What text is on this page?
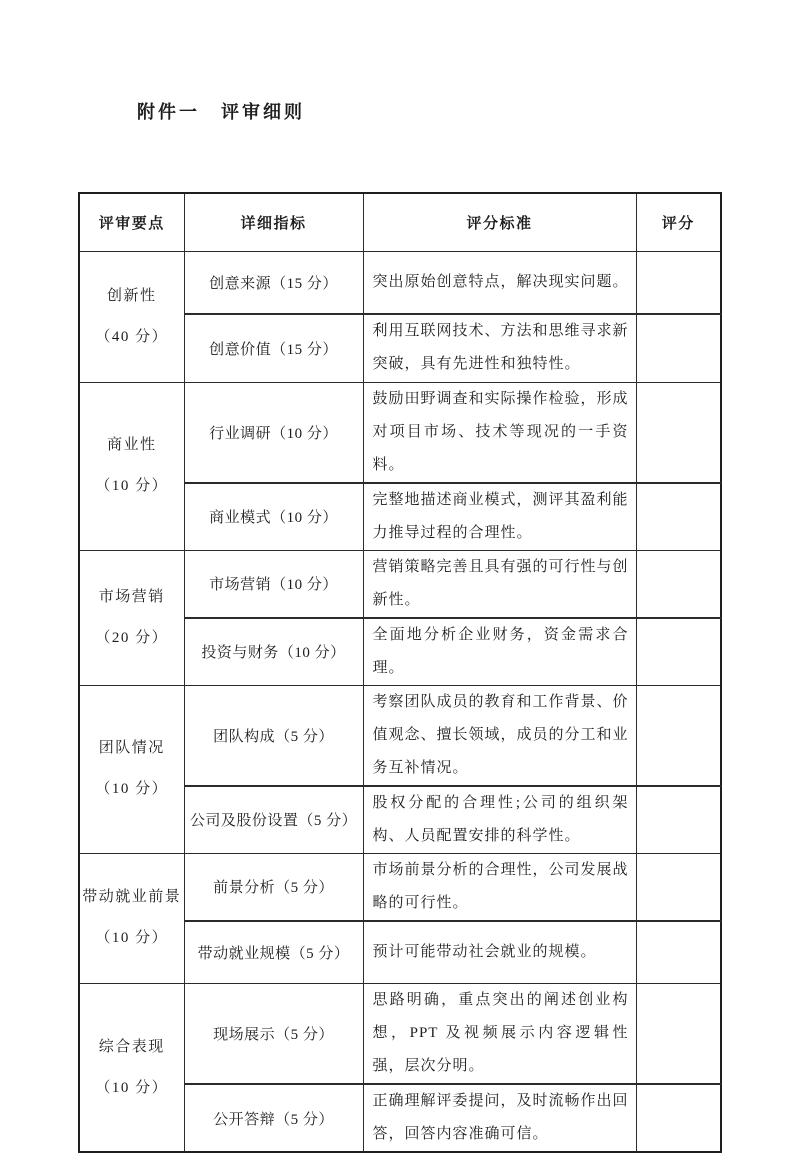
附件一　评审细则
评审要点	详细指标	评分标准	评分

创新性
（40 分）	创意来源（15 分）	突出原始创意特点，解决现实问题。	
	创意价值（15 分）	利用互联网技术、方法和思维寻求新突破，具有先进性和独特性。	

商业性
（10 分）	行业调研（10 分）	鼓励田野调查和实际操作检验，形成对项目市场、技术等现况的一手资料。	
	商业模式（10 分）	完整地描述商业模式，测评其盈利能力推导过程的合理性。	

市场营销
（20 分）	市场营销（10 分）	营销策略完善且具有强的可行性与创新性。	
	投资与财务（10 分）	全面地分析企业财务，资金需求合理。	

团队情况
（10 分）	团队构成（5 分）	考察团队成员的教育和工作背景、价值观念、擅长领域，成员的分工和业务互补情况。	
	公司及股份设置（5 分）	股权分配的合理性;公司的组织架构、人员配置安排的科学性。	

带动就业前景
（10 分）	前景分析（5 分）	市场前景分析的合理性，公司发展战略的可行性。	
	带动就业规模（5 分）	预计可能带动社会就业的规模。	

综合表现
（10 分）	现场展示（5 分）	思路明确，重点突出的阐述创业构想，PPT 及视频展示内容逻辑性强，层次分明。	
	公开答辩（5 分）	正确理解评委提问，及时流畅作出回答，回答内容准确可信。	
